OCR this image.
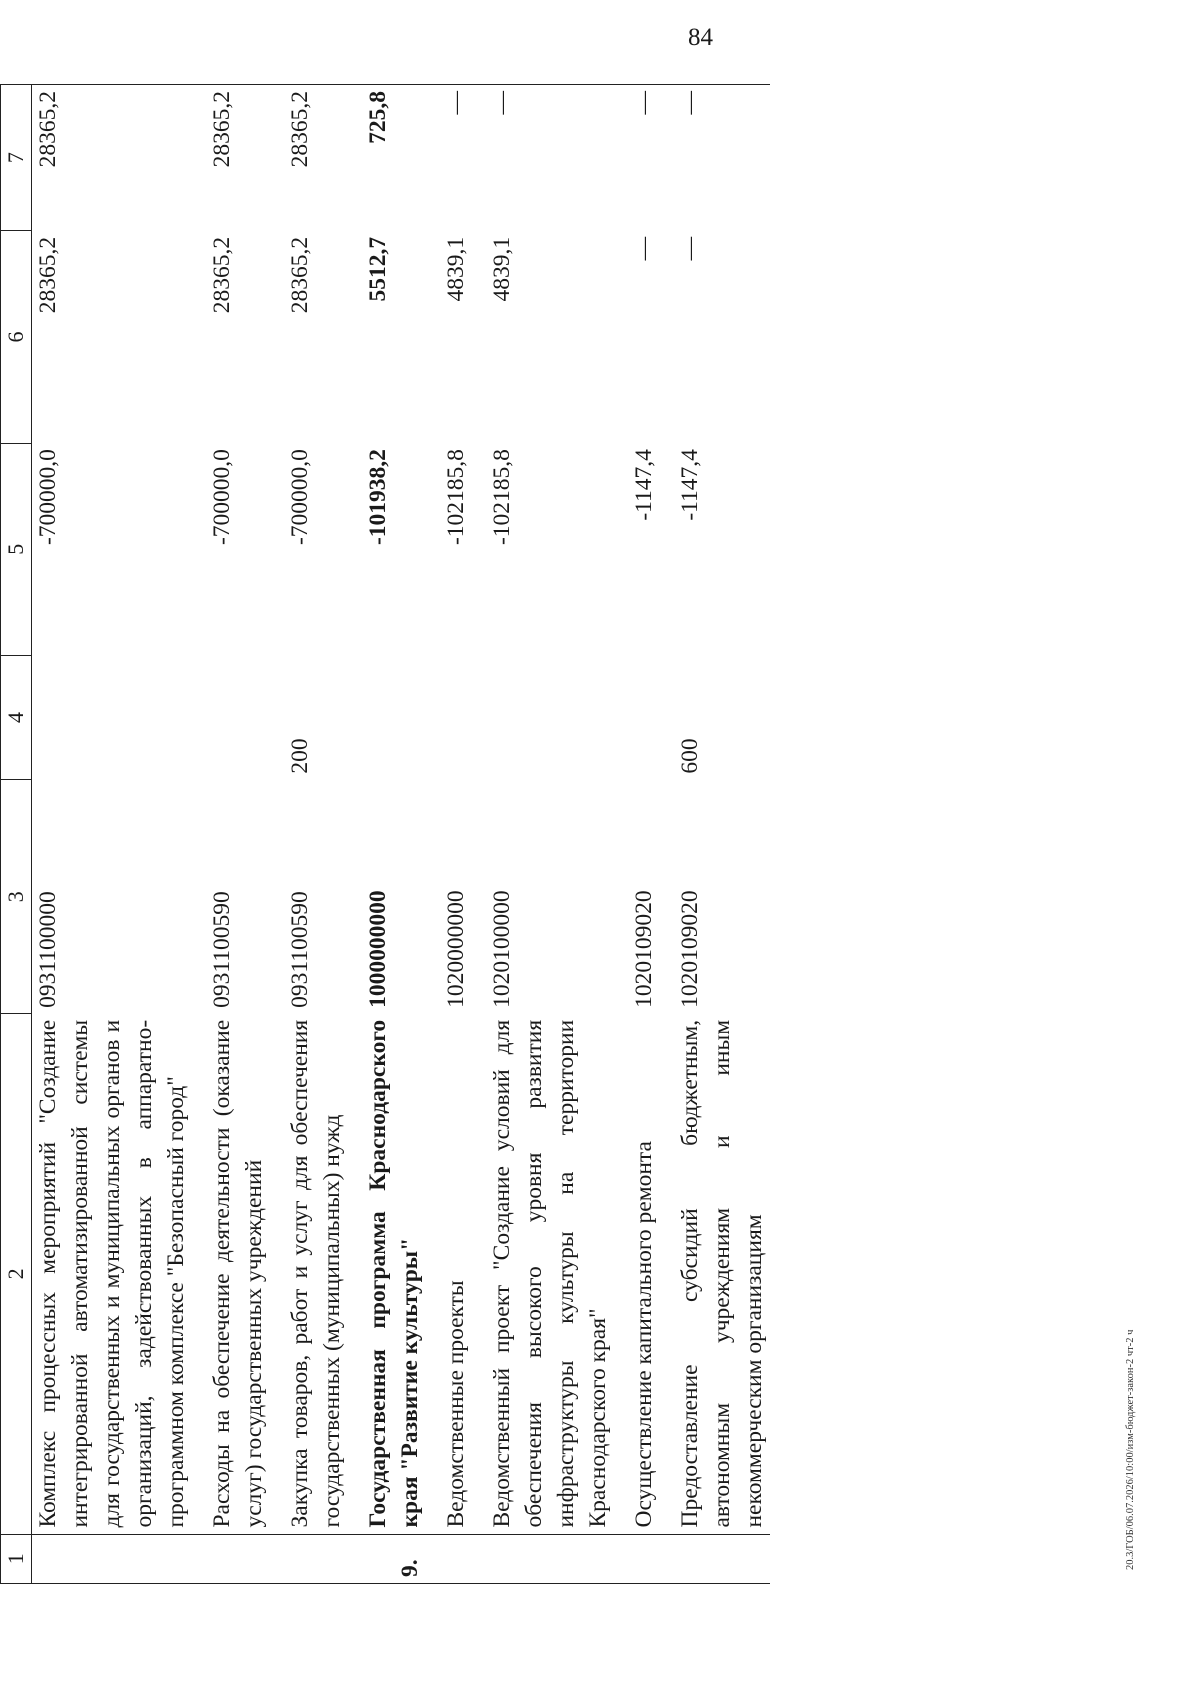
84
20.3/ГОБ/06.07.2026/10:00/изм-бюджет-закон-2 чт-2 ч
1	2	3	4	5	6	7
	Комплекс процессных мероприятий "Создание интегрированной автоматизированной системы для государственных и муниципальных органов и организаций, задействованных в аппаратно-программном комплексе "Безопасный город"	0931100000		-700000,0	28365,2	28365,2

	Расходы на обеспечение деятельности (оказание услуг) государственных учреждений	0931100590		-700000,0	28365,2	28365,2

	Закупка товаров, работ и услуг для обеспечения государственных (муниципальных) нужд	0931100590	200	-700000,0	28365,2	28365,2

9.	Государственная программа Краснодарского края "Развитие культуры"	1000000000		-101938,2	5512,7	725,8

	Ведомственные проекты	1020000000		-102185,8	4839,1	—

	Ведомственный проект "Создание условий для обеспечения высокого уровня развития инфраструктуры культуры на территории Краснодарского края"	1020100000		-102185,8	4839,1	—

	Осуществление капитального ремонта	1020109020		-1147,4	—	—

	Предоставление субсидий бюджетным, автономным учреждениям и иным некоммерческим организациям	1020109020	600	-1147,4	—	—
